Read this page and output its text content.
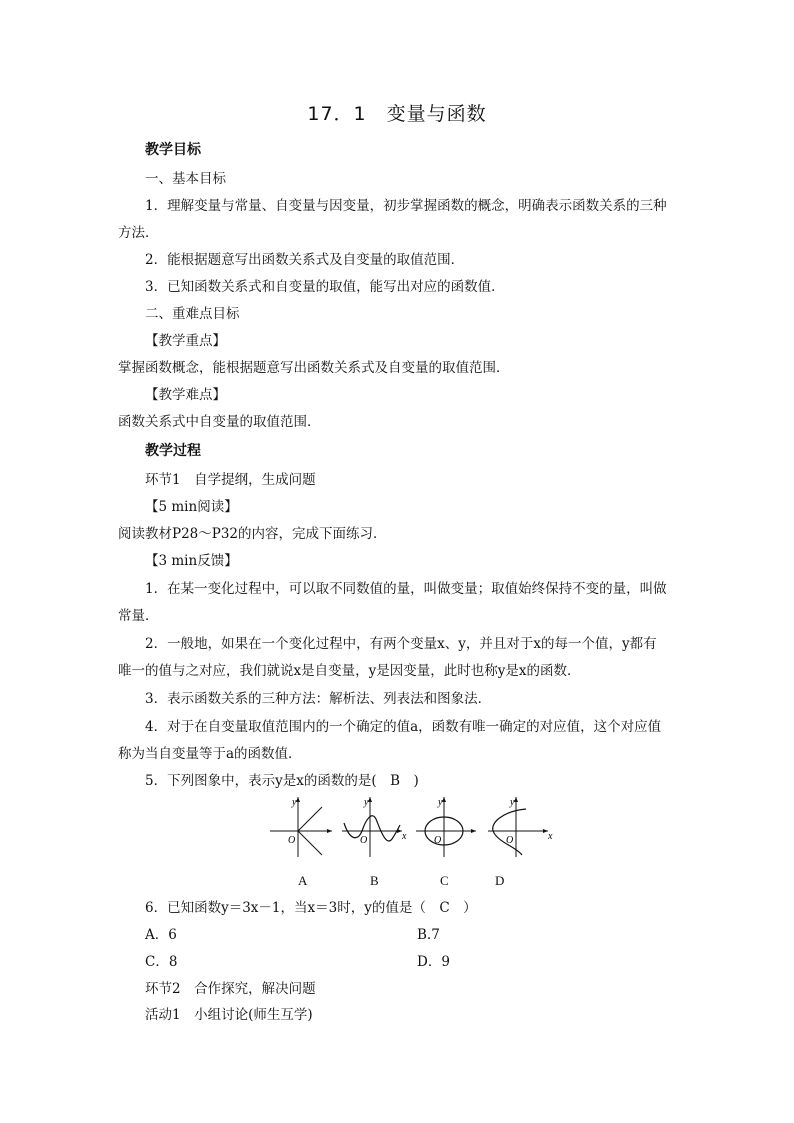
17．1　变量与函数
教学目标
一、基本目标
1．理解变量与常量、自变量与因变量，初步掌握函数的概念，明确表示函数关系的三种
方法．
2．能根据题意写出函数关系式及自变量的取值范围．
3．已知函数关系式和自变量的取值，能写出对应的函数值．
二、重难点目标
【教学重点】
掌握函数概念，能根据题意写出函数关系式及自变量的取值范围．
【教学难点】
函数关系式中自变量的取值范围．
教学过程
环节1　自学提纲，生成问题
【5 min阅读】
阅读教材P28～P32的内容，完成下面练习．
【3 min反馈】
1．在某一变化过程中，可以取不同数值的量，叫做变量；取值始终保持不变的量，叫做
常量．
2．一般地，如果在一个变化过程中，有两个变量x、y，并且对于x的每一个值，y都有
唯一的值与之对应，我们就说x是自变量，y是因变量，此时也称y是x的函数．
3．表示函数关系的三种方法：解析法、列表法和图象法．
4．对于在自变量取值范围内的一个确定的值a，函数有唯一确定的对应值，这个对应值
称为当自变量等于a的函数值．
5．下列图象中，表示y是x的函数的是(　B　)
y
O
y
O	x
y
O
y
O	x
A	B	C	D
6．已知函数y＝3x－1，当x＝3时，y的值是（　C　）
A．6	B.7
C．8	D．9
环节2　合作探究，解决问题
活动1　小组讨论(师生互学)
